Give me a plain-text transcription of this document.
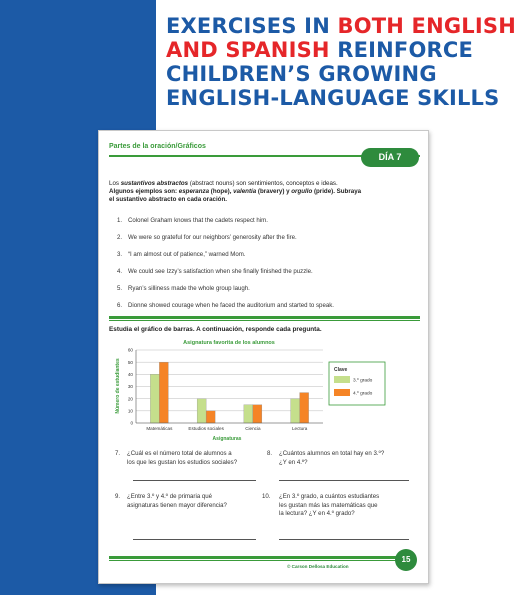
EXERCISES IN BOTH ENGLISH
AND SPANISH REINFORCE
CHILDREN’S GROWING
ENGLISH-LANGUAGE SKILLS
Partes de la oración/Gráficos
DÍA 7
Los sustantivos abstractos (abstract nouns) son sentimientos, conceptos e ideas.
Algunos ejemplos son: esperanza (hope), valentía (bravery) y orgullo (pride). Subraya
el sustantivo abstracto en cada oración.
1. Colonel Graham knows that the cadets respect him.
2. We were so grateful for our neighbors’ generosity after the fire.
3. “I am almost out of patience,” warned Mom.
4. We could see Izzy’s satisfaction when she finally finished the puzzle.
5. Ryan’s silliness made the whole group laugh.
6. Dionne showed courage when he faced the auditorium and started to speak.
Estudia el gráfico de barras. A continuación, responde cada pregunta.
Asignatura favorita de los alumnos
Número de estudiantes
Asignaturas
0
10
20
30
40
50
60
Matemáticas	Estudios sociales	Ciencia	Lectura
Clave
3.º grado
4.º grado
7.	¿Cuál es el número total de alumnos a
los que les gustan los estudios sociales?
8.	¿Cuántos alumnos en total hay en 3.º?
¿Y en 4.º?
9.	¿Entre 3.º y 4.º de primaria qué
asignaturas tienen mayor diferencia?
10.	¿En 3.º grado, a cuántos estudiantes
les gustan más las matemáticas que
la lectura? ¿Y en 4.º grado?
15
© Carson Dellosa Education
